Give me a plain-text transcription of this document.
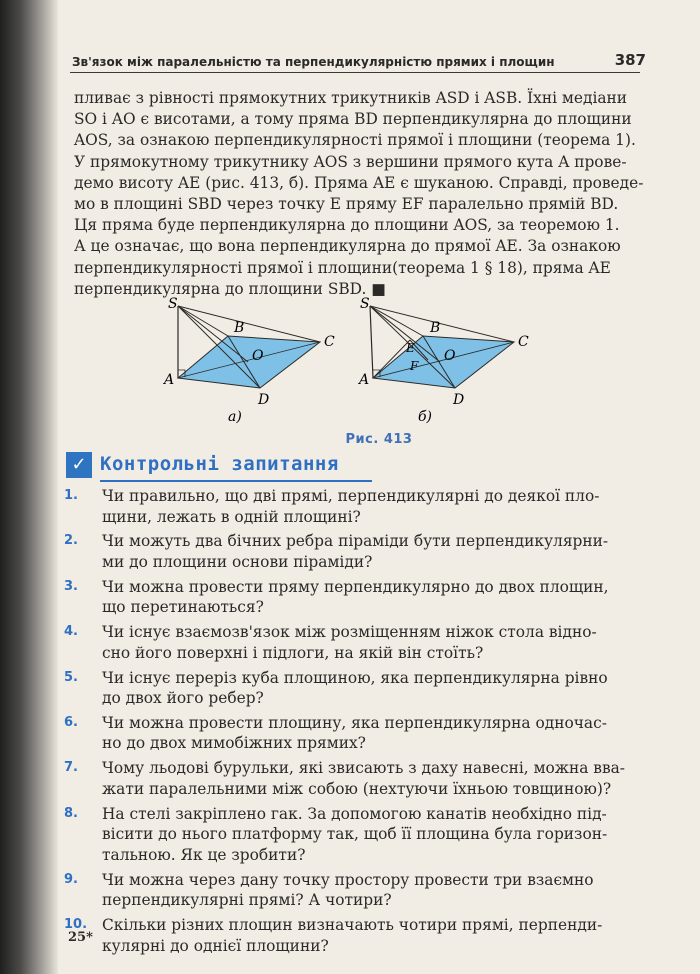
Зв'язок між паралельністю та перпендикулярністю прямих і площин	387

пливає з рівності прямокутних трикутників ASD і ASB. Їхні медіани
SO і AO є висотами, а тому пряма BD перпендикулярна до площини
AOS, за ознакою перпендикулярності прямої і площини (теорема 1).
У прямокутному трикутнику AOS з вершини прямого кута A прове-
демо висоту AE (рис. 413, б). Пряма AE є шуканою. Справді, проведе-
мо в площині SBD через точку E пряму EF паралельно прямій BD.
Ця пряма буде перпендикулярна до площини AOS, за теоремою 1.
А це означає, що вона перпендикулярна до прямої AE. За ознакою
перпендикулярності прямої і площини(теорема 1 § 18), пряма AE
перпендикулярна до площини SBD. ■

S
B
C
O
A
D
а)
S
B
C
E O
F
A
D
б)
Рис. 413
✓ Контрольні запитання
1.	Чи правильно, що дві прямі, перпендикулярні до деякої пло-
щини, лежать в одній площині?
2.	Чи можуть два бічних ребра піраміди бути перпендикулярни-
ми до площини основи піраміди?
3.	Чи можна провести пряму перпендикулярно до двох площин,
що перетинаються?
4.	Чи існує взаємозв'язок між розміщенням ніжок стола відно-
сно його поверхні і підлоги, на якій він стоїть?
5.	Чи існує переріз куба площиною, яка перпендикулярна рівно
до двох його ребер?
6.	Чи можна провести площину, яка перпендикулярна одночас-
но до двох мимобіжних прямих?
7.	Чому льодові бурульки, які звисають з даху навесні, можна вва-
жати паралельними між собою (нехтуючи їхньою товщиною)?
8.	На стелі закріплено гак. За допомогою канатів необхідно під-
вісити до нього платформу так, щоб її площина була горизон-
тальною. Як це зробити?
9.	Чи можна через дану точку простору провести три взаємно
перпендикулярні прямі? А чотири?
10. Скільки різних площин визначають чотири прямі, перпенди-
кулярні до однієї площини?
25*
